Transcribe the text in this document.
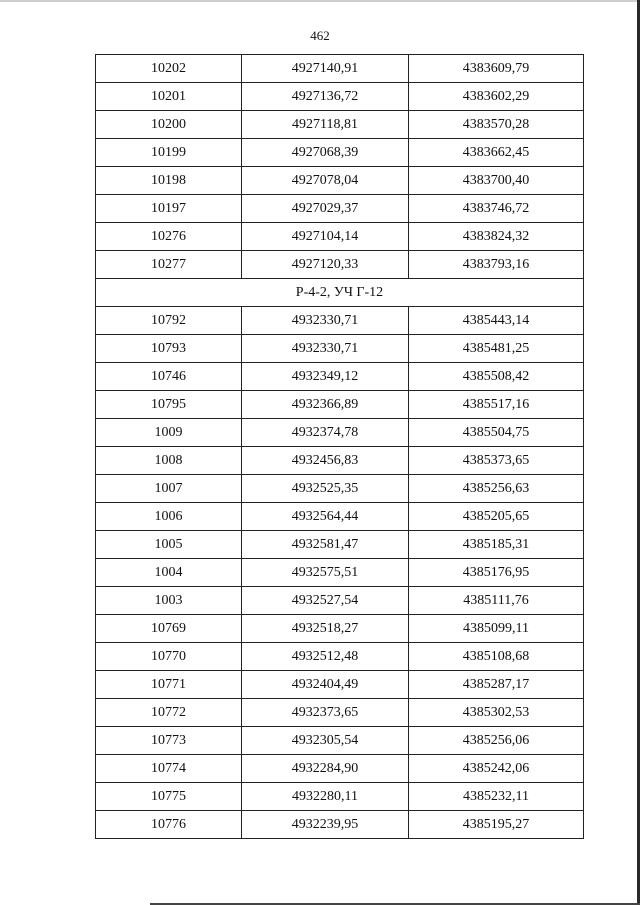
462
10202	4927140,91	4383609,79
10201	4927136,72	4383602,29
10200	4927118,81	4383570,28
10199	4927068,39	4383662,45
10198	4927078,04	4383700,40
10197	4927029,37	4383746,72
10276	4927104,14	4383824,32
10277	4927120,33	4383793,16
Р-4-2, УЧ Г-12		
10792	4932330,71	4385443,14
10793	4932330,71	4385481,25
10746	4932349,12	4385508,42
10795	4932366,89	4385517,16
1009	4932374,78	4385504,75
1008	4932456,83	4385373,65
1007	4932525,35	4385256,63
1006	4932564,44	4385205,65
1005	4932581,47	4385185,31
1004	4932575,51	4385176,95
1003	4932527,54	4385111,76
10769	4932518,27	4385099,11
10770	4932512,48	4385108,68
10771	4932404,49	4385287,17
10772	4932373,65	4385302,53
10773	4932305,54	4385256,06
10774	4932284,90	4385242,06
10775	4932280,11	4385232,11
10776	4932239,95	4385195,27
